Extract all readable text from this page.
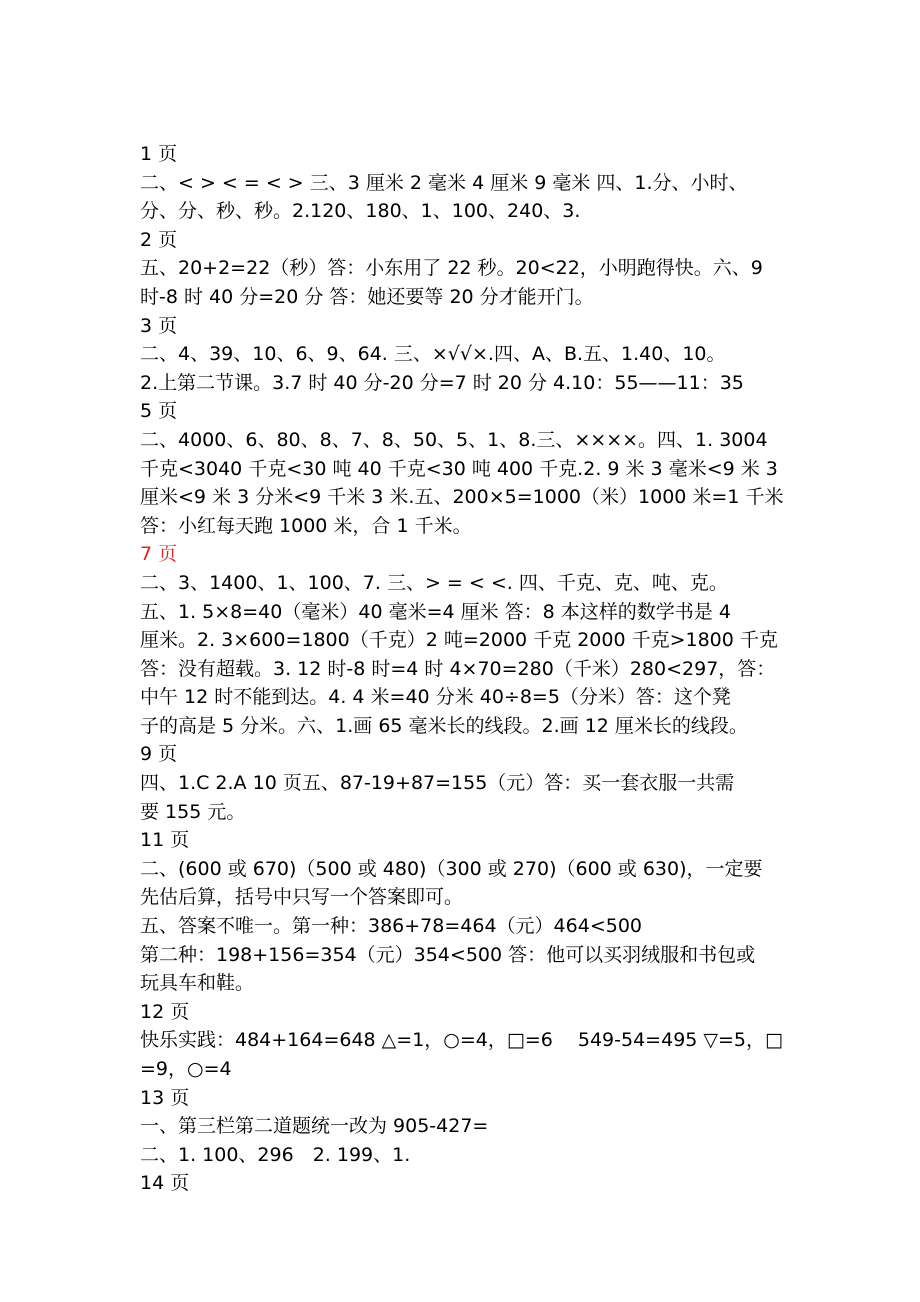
1 页
二、< > < = < > 三、3 厘米 2 毫米 4 厘米 9 毫米 四、1.分、小时、
分、分、秒、秒。2.120、180、1、100、240、3.
2 页
五、20+2=22（秒）答：小东用了 22 秒。20<22，小明跑得快。六、9
时-8 时 40 分=20 分 答：她还要等 20 分才能开门。
3 页
二、4、39、10、6、9、64. 三、×√√×.四、A、B.五、1.40、10。
2.上第二节课。3.7 时 40 分-20 分=7 时 20 分 4.10：55——11：35
5 页
二、4000、6、80、8、7、8、50、5、1、8.三、××××。四、1. 3004
千克<3040 千克<30 吨 40 千克<30 吨 400 千克.2. 9 米 3 毫米<9 米 3
厘米<9 米 3 分米<9 千米 3 米.五、200×5=1000（米）1000 米=1 千米
答：小红每天跑 1000 米，合 1 千米。
7 页
二、3、1400、1、100、7. 三、> = < <. 四、千克、克、吨、克。
五、1. 5×8=40（毫米）40 毫米=4 厘米 答：8 本这样的数学书是 4
厘米。2. 3×600=1800（千克）2 吨=2000 千克 2000 千克>1800 千克
答：没有超载。3. 12 时-8 时=4 时 4×70=280（千米）280<297，答：
中午 12 时不能到达。4. 4 米=40 分米 40÷8=5（分米）答：这个凳
子的高是 5 分米。六、1.画 65 毫米长的线段。2.画 12 厘米长的线段。
9 页
四、1.C 2.A 10 页五、87-19+87=155（元）答：买一套衣服一共需
要 155 元。
11 页
二、(600 或 670)（500 或 480)（300 或 270)（600 或 630)，一定要
先估后算，括号中只写一个答案即可。
五、答案不唯一。第一种：386+78=464（元）464<500
第二种：198+156=354（元）354<500 答：他可以买羽绒服和书包或
玩具车和鞋。
12 页
快乐实践：484+164=648 △=1，○=4，□=6　 549-54=495 ▽=5，□
=9，○=4
13 页
一、第三栏第二道题统一改为 905-427=
二、1. 100、296　2. 199、1.
14 页
